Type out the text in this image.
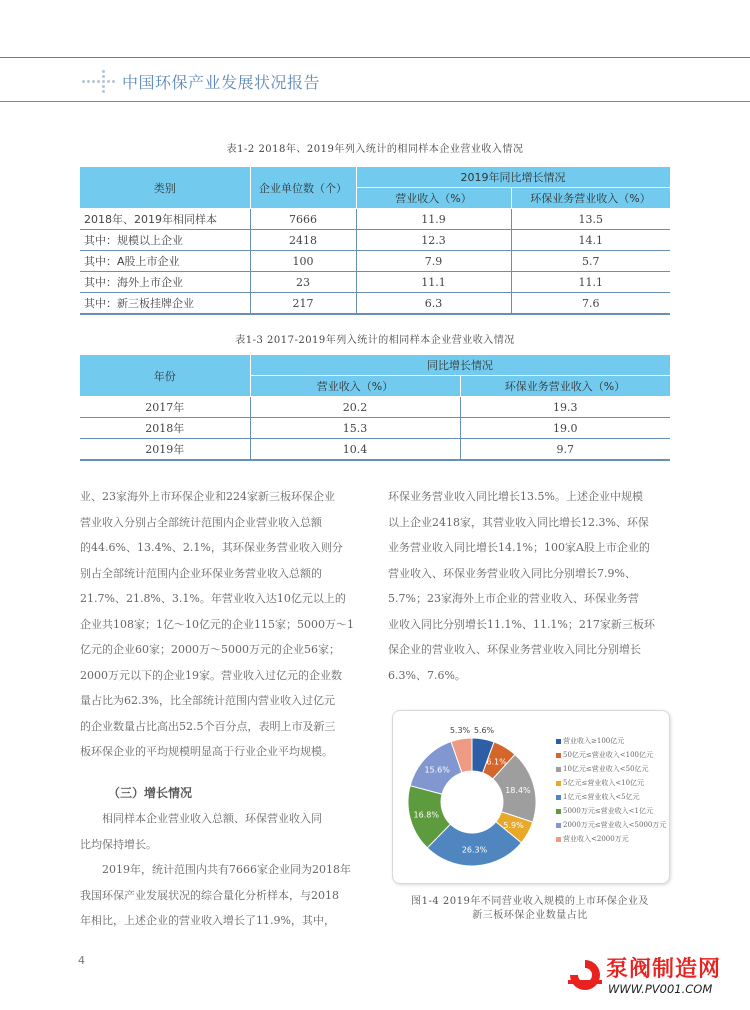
中国环保产业发展状况报告
表1-2 2018年、2019年列入统计的相同样本企业营业收入情况
类别	企业单位数（个）	2019年同比增长情况	
		营业收入（%）	环保业务营业收入（%）
2018年、2019年相同样本	7666	11.9	13.5
其中：规模以上企业	2418	12.3	14.1
其中：A股上市企业	100	7.9	5.7
其中：海外上市企业	23	11.1	11.1
其中：新三板挂牌企业	217	6.3	7.6
表1-3 2017-2019年列入统计的相同样本企业营业收入情况
年份	同比增长情况	
	营业收入（%）	环保业务营业收入（%）
2017年	20.2	19.3
2018年	15.3	19.0
2019年	10.4	9.7

业、23家海外上市环保企业和224家新三板环保企业

营业收入分别占全部统计范围内企业营业收入总额

的44.6%、13.4%、2.1%，其环保业务营业收入则分

别占全部统计范围内企业环保业务营业收入总额的

21.7%、21.8%、3.1%。年营业收入达10亿元以上的

企业共108家；1亿～10亿元的企业115家；5000万～1

亿元的企业60家；2000万～5000万元的企业56家；

2000万元以下的企业19家。营业收入过亿元的企业数

量占比为62.3%，比全部统计范围内营业收入过亿元

的企业数量占比高出52.5个百分点，表明上市及新三

板环保企业的平均规模明显高于行业企业平均规模。

（三）增长情况

　　相同样本企业营业收入总额、环保营业收入同

比均保持增长。

　　2019年，统计范围内共有7666家企业同为2018年

我国环保产业发展状况的综合量化分析样本，与2018

年相比，上述企业的营业收入增长了11.9%，其中，

环保业务营业收入同比增长13.5%。上述企业中规模

以上企业2418家，其营业收入同比增长12.3%、环保

业务营业收入同比增长14.1%；100家A股上市企业的

营业收入、环保业务营业收入同比分别增长7.9%、

5.7%；23家海外上市企业的营业收入、环保业务营

业收入同比分别增长11.1%、11.1%；217家新三板环

保企业的营业收入、环保业务营业收入同比分别增长

6.3%、7.6%。

5.6%
6.1%
18.4%
5.9%
26.3%
16.8%
15.6%
5.3%
营业收入≥100亿元
50亿元≤营业收入<100亿元
10亿元≤营业收入<50亿元
5亿元≤营业收入<10亿元
1亿元≤营业收入<5亿元
5000万元≤营业收入<1亿元
2000万元≤营业收入<5000万元
营业收入<2000万元
图1-4 2019年不同营业收入规模的上市环保企业及
新三板环保企业数量占比
4	泵阀制造网
WWW.PV001.COM
